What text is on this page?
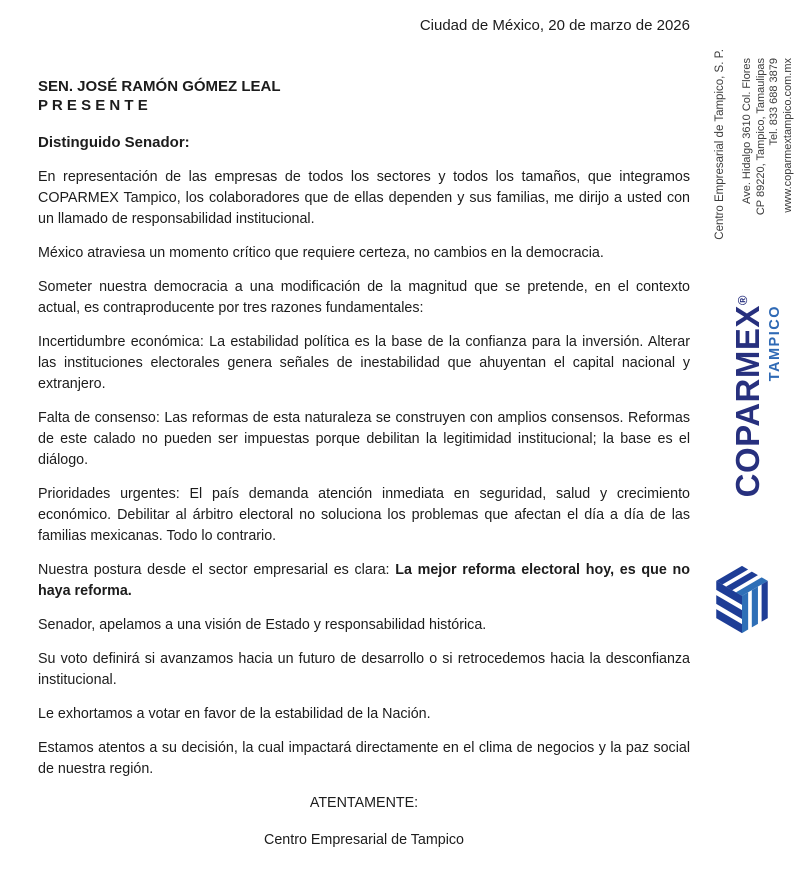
Ciudad de México, 20 de marzo de 2026
SEN. JOSÉ RAMÓN GÓMEZ LEAL
P R E S E N T E
Distinguido Senador:

En representación de las empresas de todos los sectores y todos los tamaños, que integramos COPARMEX Tampico, los colaboradores que de ellas dependen y sus familias, me dirijo a usted con un llamado de responsabilidad institucional.

México atraviesa un momento crítico que requiere certeza, no cambios en la democracia.

Someter nuestra democracia a una modificación de la magnitud que se pretende, en el contexto actual, es contraproducente por tres razones fundamentales:

Incertidumbre económica: La estabilidad política es la base de la confianza para la inversión. Alterar las instituciones electorales genera señales de inestabilidad que ahuyentan el capital nacional y extranjero.

Falta de consenso: Las reformas de esta naturaleza se construyen con amplios consensos. Reformas de este calado no pueden ser impuestas porque debilitan la legitimidad institucional; la base es el diálogo.

Prioridades urgentes: El país demanda atención inmediata en seguridad, salud y crecimiento económico. Debilitar al árbitro electoral no soluciona los problemas que afectan el día a día de las familias mexicanas. Todo lo contrario.

Nuestra postura desde el sector empresarial es clara: La mejor reforma electoral hoy, es que no haya reforma.

Senador, apelamos a una visión de Estado y responsabilidad histórica.

Su voto definirá si avanzamos hacia un futuro de desarrollo o si retrocedemos hacia la desconfianza institucional.

Le exhortamos a votar en favor de la estabilidad de la Nación.

Estamos atentos a su decisión, la cual impactará directamente en el clima de negocios y la paz social de nuestra región.

ATENTAMENTE:

Centro Empresarial de Tampico

Centro Empresarial de Tampico, S. P.	Ave. Hidalgo 3610 Col. Flores CP 89220, Tampico, Tamaulipas Tel. 833 688 3879 www.coparmextampico.com.mx
COPARMEX®
TAMPICO
